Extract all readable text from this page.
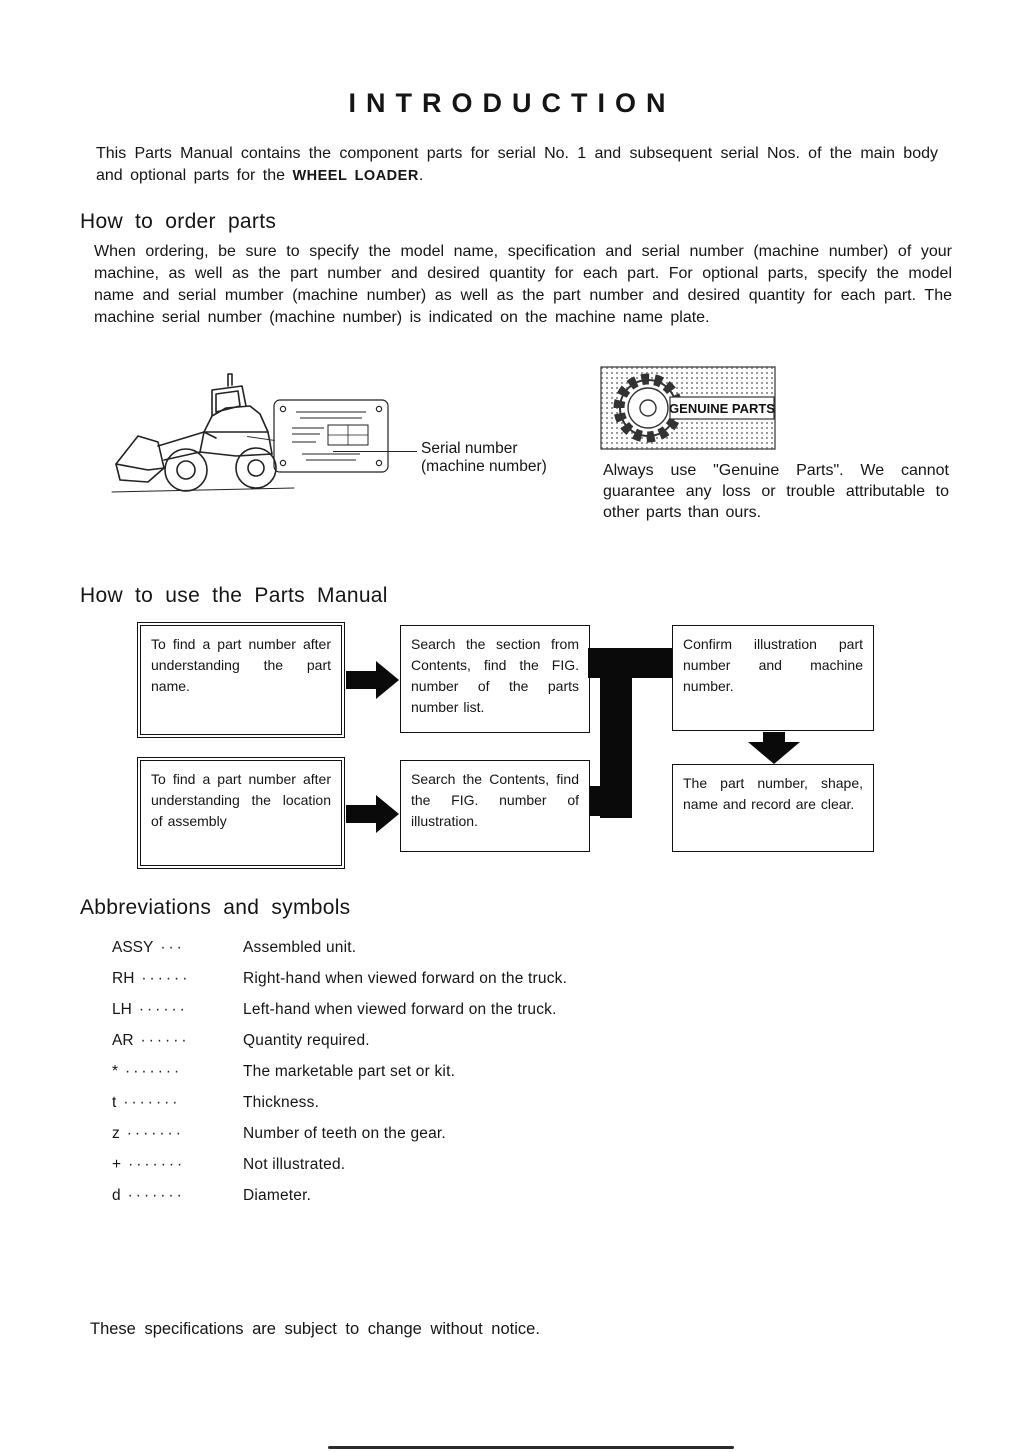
INTRODUCTION
This Parts Manual contains the component parts for serial No. 1 and subsequent serial Nos. of the main body and optional parts for the WHEEL LOADER.
How to order parts
When ordering, be sure to specify the model name, specification and serial number (machine number) of your machine, as well as the part number and desired quantity for each part. For optional parts, specify the model name and serial mumber (machine number) as well as the part number and desired quantity for each part. The machine serial number (machine number) is indicated on the machine name plate.
Serial number
(machine number)
GENUINE PARTS
Always use "Genuine Parts". We cannot guarantee any loss or trouble attributable to other parts than ours.
How to use the Parts Manual
To find a part number after understanding the part name.
Search the section from Contents, find the FIG. number of the parts number list.
Confirm illustration part number and machine number.
The part number, shape, name and record are clear.
To find a part number after understanding the location of assembly
Search the Contents, find the FIG. number of illustration.
Abbreviations and symbols
ASSY ···	Assembled unit.
RH ······	Right-hand when viewed forward on the truck.
LH ······	Left-hand when viewed forward on the truck.
AR ······	Quantity required.
* ·······	The marketable part set or kit.
t ·······	Thickness.
z ·······	Number of teeth on the gear.
+ ·······	Not illustrated.
d ·······	Diameter.
These specifications are subject to change without notice.
